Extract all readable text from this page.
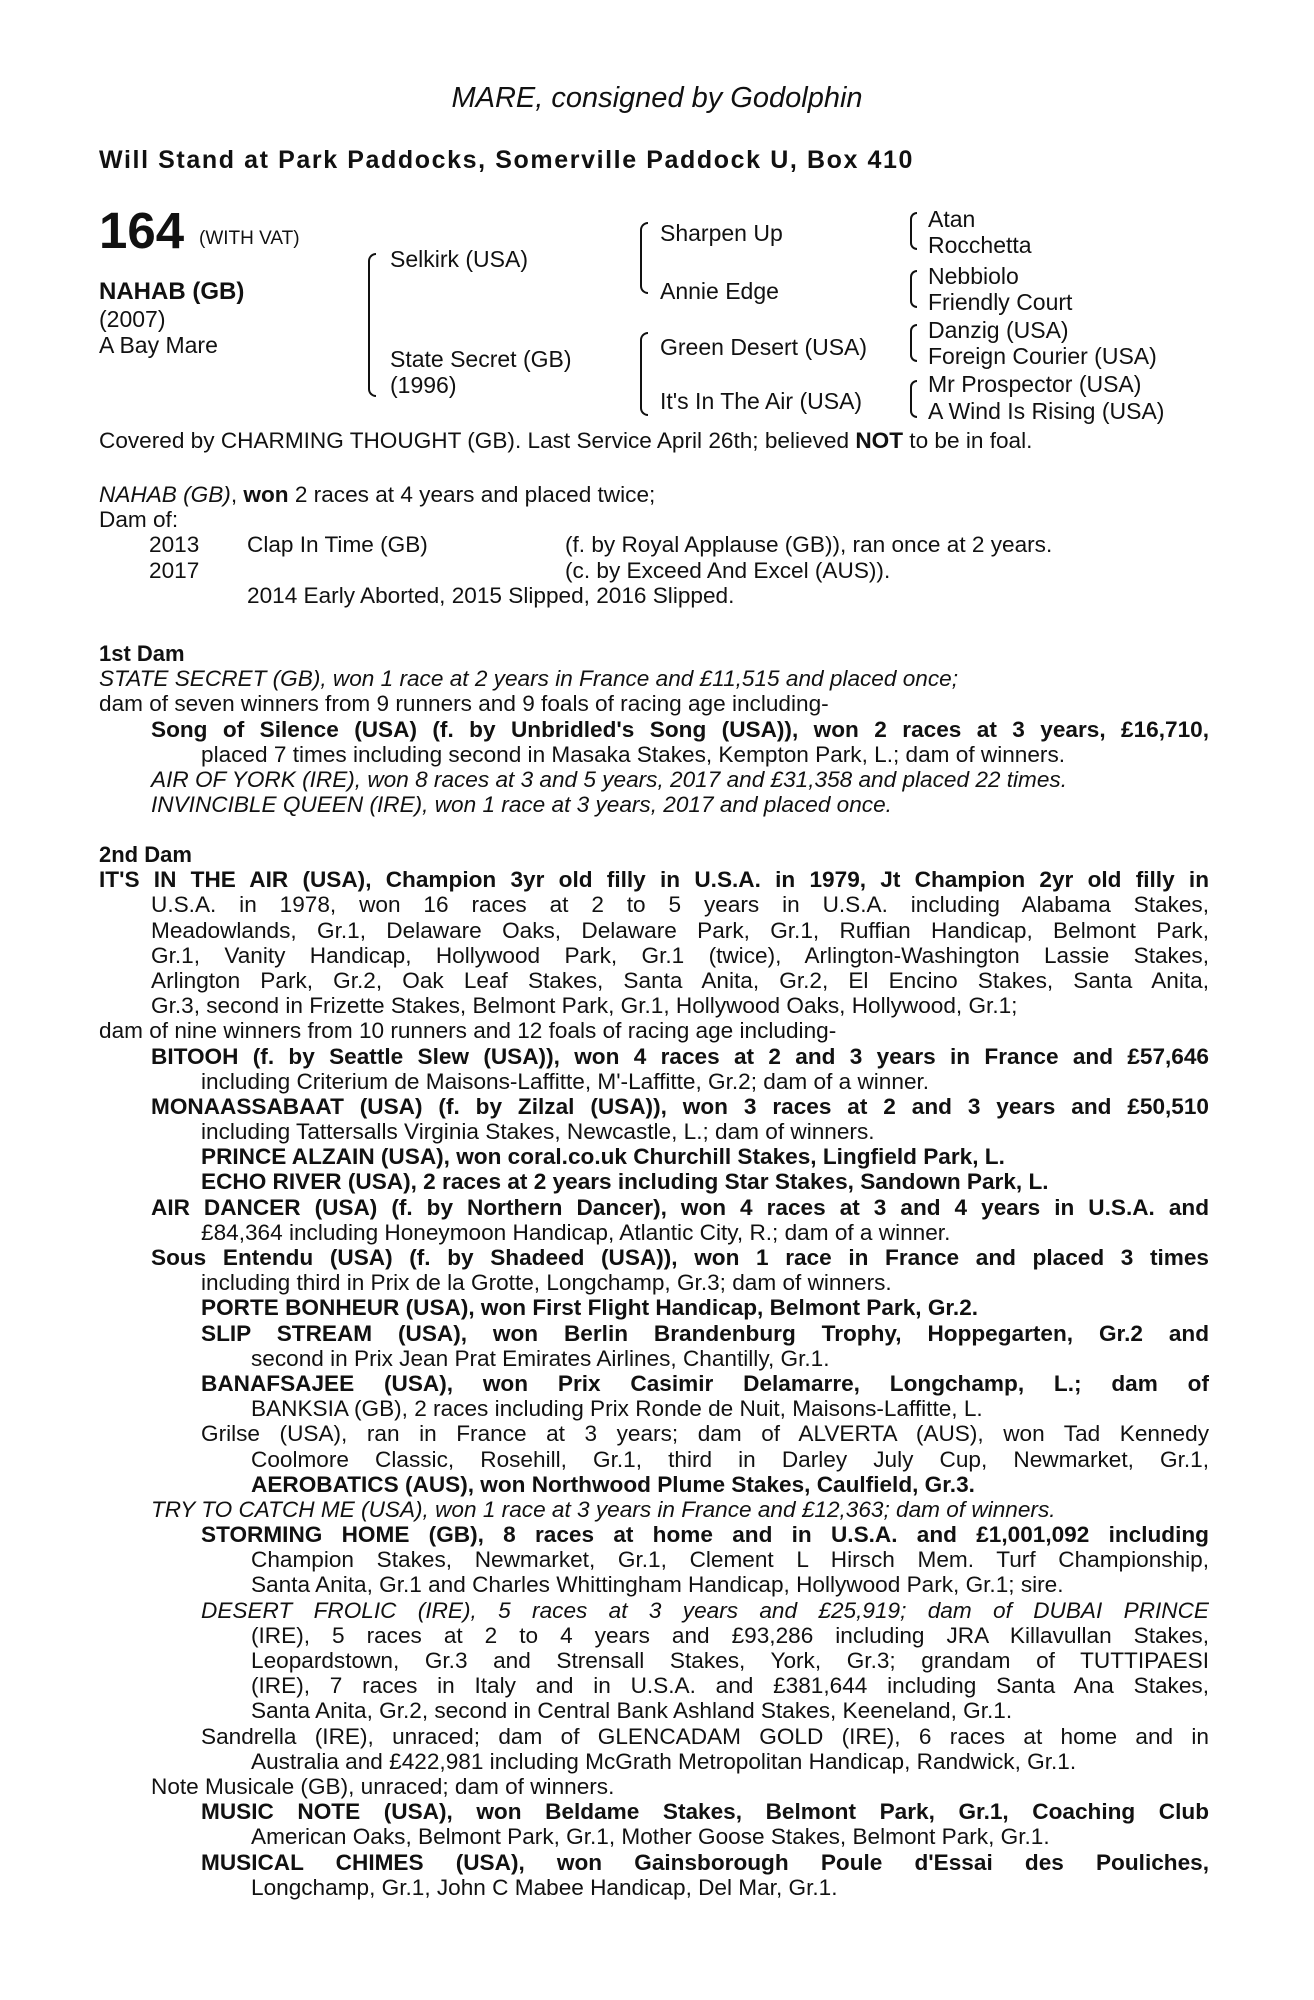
MARE, consigned by Godolphin
Will Stand at Park Paddocks, Somerville Paddock U, Box 410
164 (WITH VAT)
NAHAB (GB)
(2007)
A Bay Mare
Selkirk (USA)
State Secret (GB)
(1996)
Sharpen Up
Annie Edge
Green Desert (USA)
It's In The Air (USA)
Atan
Rocchetta
Nebbiolo
Friendly Court
Danzig (USA)
Foreign Courier (USA)
Mr Prospector (USA)
A Wind Is Rising (USA)
Covered by CHARMING THOUGHT (GB). Last Service April 26th; believed NOT to be in foal.
NAHAB (GB), won 2 races at 4 years and placed twice;
Dam of:
2013 Clap In Time (GB)	(f. by Royal Applause (GB)), ran once at 2 years.
2017	(c. by Exceed And Excel (AUS)).
2014 Early Aborted, 2015 Slipped, 2016 Slipped.
1st Dam
STATE SECRET (GB), won 1 race at 2 years in France and £11,515 and placed once;
dam of seven winners from 9 runners and 9 foals of racing age including-
Song of Silence (USA) (f. by Unbridled's Song (USA)), won 2 races at 3 years, £16,710,
placed 7 times including second in Masaka Stakes, Kempton Park, L.; dam of winners.
AIR OF YORK (IRE), won 8 races at 3 and 5 years, 2017 and £31,358 and placed 22 times.
INVINCIBLE QUEEN (IRE), won 1 race at 3 years, 2017 and placed once.
2nd Dam
IT'S IN THE AIR (USA), Champion 3yr old filly in U.S.A. in 1979, Jt Champion 2yr old filly in
U.S.A. in 1978, won 16 races at 2 to 5 years in U.S.A. including Alabama Stakes,
Meadowlands, Gr.1, Delaware Oaks, Delaware Park, Gr.1, Ruffian Handicap, Belmont Park,
Gr.1, Vanity Handicap, Hollywood Park, Gr.1 (twice), Arlington-Washington Lassie Stakes,
Arlington Park, Gr.2, Oak Leaf Stakes, Santa Anita, Gr.2, El Encino Stakes, Santa Anita,
Gr.3, second in Frizette Stakes, Belmont Park, Gr.1, Hollywood Oaks, Hollywood, Gr.1;
dam of nine winners from 10 runners and 12 foals of racing age including-
BITOOH (f. by Seattle Slew (USA)), won 4 races at 2 and 3 years in France and £57,646
including Criterium de Maisons-Laffitte, M'-Laffitte, Gr.2; dam of a winner.
MONAASSABAAT (USA) (f. by Zilzal (USA)), won 3 races at 2 and 3 years and £50,510
including Tattersalls Virginia Stakes, Newcastle, L.; dam of winners.
PRINCE ALZAIN (USA), won coral.co.uk Churchill Stakes, Lingfield Park, L.
ECHO RIVER (USA), 2 races at 2 years including Star Stakes, Sandown Park, L.
AIR DANCER (USA) (f. by Northern Dancer), won 4 races at 3 and 4 years in U.S.A. and
£84,364 including Honeymoon Handicap, Atlantic City, R.; dam of a winner.
Sous Entendu (USA) (f. by Shadeed (USA)), won 1 race in France and placed 3 times
including third in Prix de la Grotte, Longchamp, Gr.3; dam of winners.
PORTE BONHEUR (USA), won First Flight Handicap, Belmont Park, Gr.2.
SLIP STREAM (USA), won Berlin Brandenburg Trophy, Hoppegarten, Gr.2 and
second in Prix Jean Prat Emirates Airlines, Chantilly, Gr.1.
BANAFSAJEE (USA), won Prix Casimir Delamarre, Longchamp, L.; dam of
BANKSIA (GB), 2 races including Prix Ronde de Nuit, Maisons-Laffitte, L.
Grilse (USA), ran in France at 3 years; dam of ALVERTA (AUS), won Tad Kennedy
Coolmore Classic, Rosehill, Gr.1, third in Darley July Cup, Newmarket, Gr.1,
AEROBATICS (AUS), won Northwood Plume Stakes, Caulfield, Gr.3.
TRY TO CATCH ME (USA), won 1 race at 3 years in France and £12,363; dam of winners.
STORMING HOME (GB), 8 races at home and in U.S.A. and £1,001,092 including
Champion Stakes, Newmarket, Gr.1, Clement L Hirsch Mem. Turf Championship,
Santa Anita, Gr.1 and Charles Whittingham Handicap, Hollywood Park, Gr.1; sire.
DESERT FROLIC (IRE), 5 races at 3 years and £25,919; dam of DUBAI PRINCE
(IRE), 5 races at 2 to 4 years and £93,286 including JRA Killavullan Stakes,
Leopardstown, Gr.3 and Strensall Stakes, York, Gr.3; grandam of TUTTIPAESI
(IRE), 7 races in Italy and in U.S.A. and £381,644 including Santa Ana Stakes,
Santa Anita, Gr.2, second in Central Bank Ashland Stakes, Keeneland, Gr.1.
Sandrella (IRE), unraced; dam of GLENCADAM GOLD (IRE), 6 races at home and in
Australia and £422,981 including McGrath Metropolitan Handicap, Randwick, Gr.1.
Note Musicale (GB), unraced; dam of winners.
MUSIC NOTE (USA), won Beldame Stakes, Belmont Park, Gr.1, Coaching Club
American Oaks, Belmont Park, Gr.1, Mother Goose Stakes, Belmont Park, Gr.1.
MUSICAL CHIMES (USA), won Gainsborough Poule d'Essai des Pouliches,
Longchamp, Gr.1, John C Mabee Handicap, Del Mar, Gr.1.
